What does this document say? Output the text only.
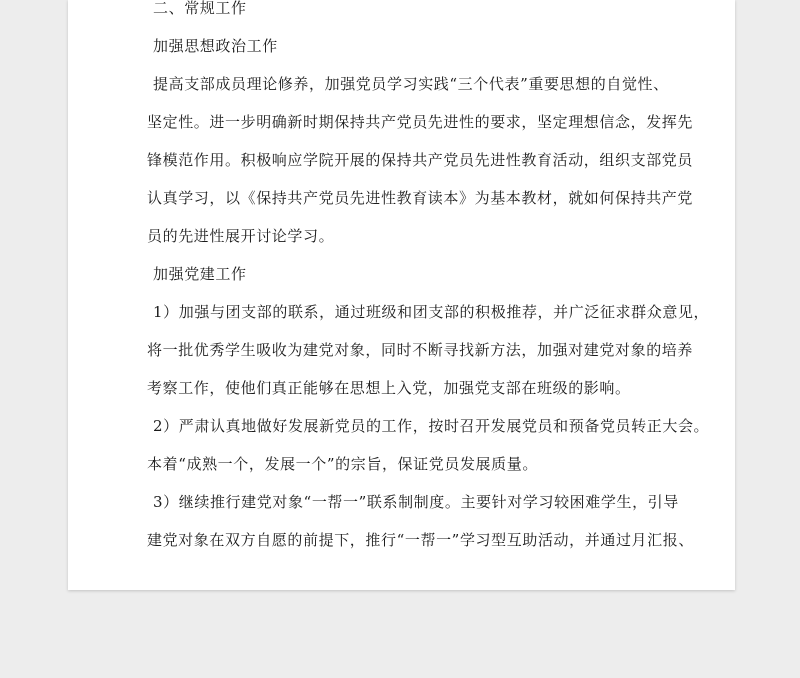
二、常规工作
加强思想政治工作
提高支部成员理论修养，加强党员学习实践“三个代表”重要思想的自觉性、
坚定性。进一步明确新时期保持共产党员先进性的要求，坚定理想信念，发挥先
锋模范作用。积极响应学院开展的保持共产党员先进性教育活动，组织支部党员
认真学习，以《保持共产党员先进性教育读本》为基本教材，就如何保持共产党
员的先进性展开讨论学习。
加强党建工作
1）加强与团支部的联系，通过班级和团支部的积极推荐，并广泛征求群众意见，
将一批优秀学生吸收为建党对象，同时不断寻找新方法，加强对建党对象的培养
考察工作，使他们真正能够在思想上入党，加强党支部在班级的影响。
2）严肃认真地做好发展新党员的工作，按时召开发展党员和预备党员转正大会。
本着“成熟一个，发展一个”的宗旨，保证党员发展质量。
3）继续推行建党对象“一帮一”联系制制度。主要针对学习较困难学生，引导
建党对象在双方自愿的前提下，推行“一帮一”学习型互助活动，并通过月汇报、
